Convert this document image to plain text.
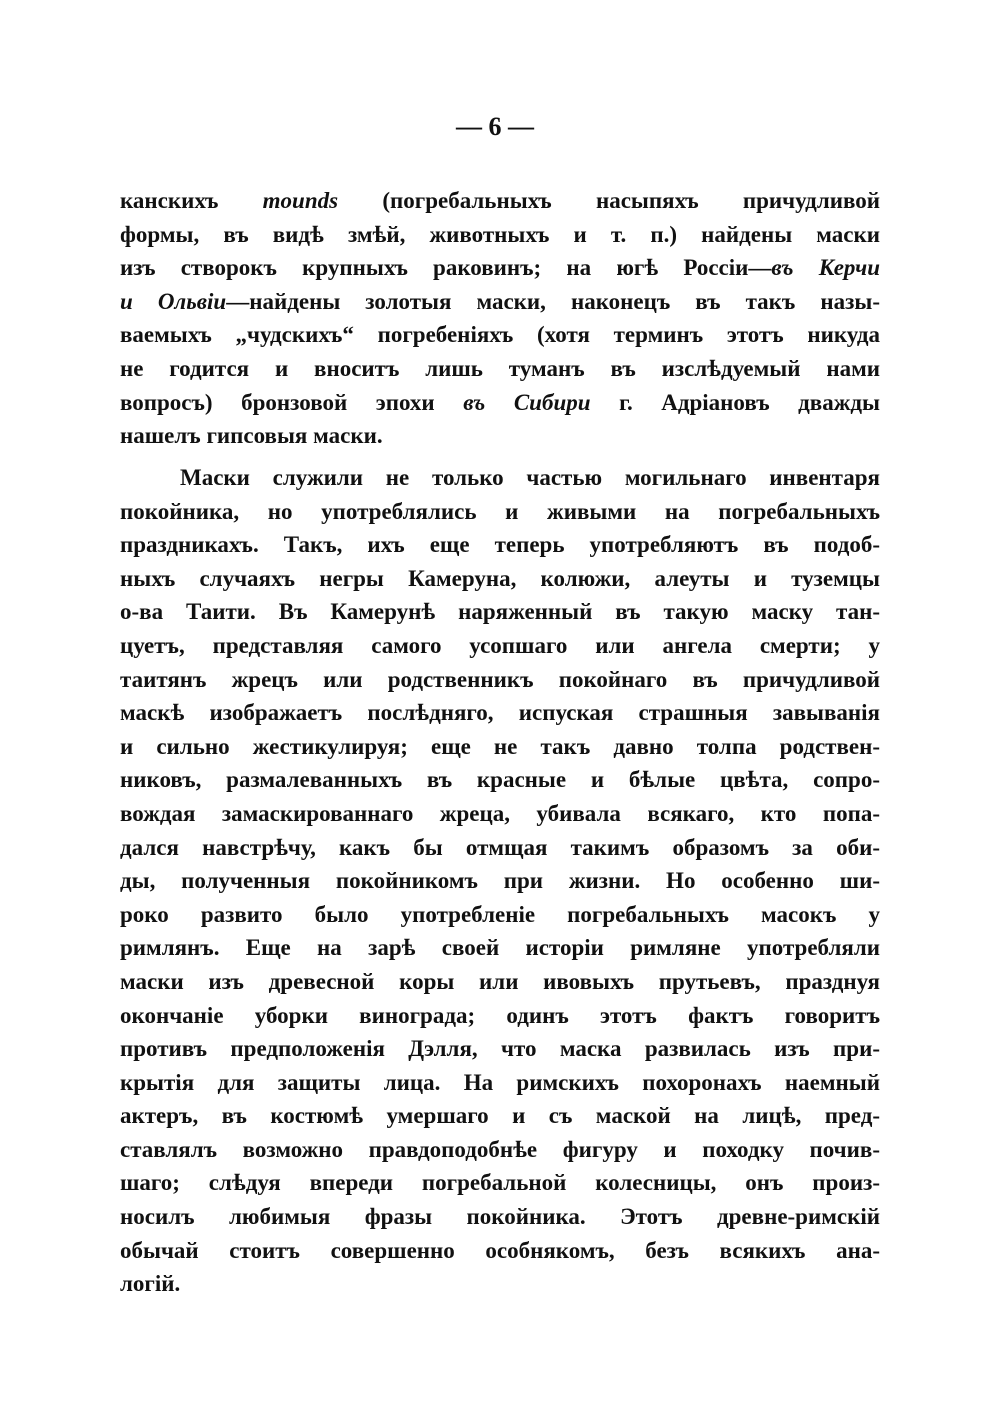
— 6 —
канскихъ mounds (погребальныхъ насыпяхъ причудливой
формы, въ видѣ змѣй, животныхъ и т. п.) найдены маски
изъ створокъ крупныхъ раковинъ; на югѣ Россіи—въ Керчи
и Ольвіи—найдены золотыя маски, наконецъ въ такъ назы-
ваемыхъ „чудскихъ“ погребеніяхъ (хотя терминъ этотъ никуда
не годится и вноситъ лишь туманъ въ изслѣдуемый нами
вопросъ) бронзовой эпохи въ Сибири г. Адріановъ дважды
нашелъ гипсовыя маски.
Маски служили не только частью могильнаго инвентаря
покойника, но употреблялись и живыми на погребальныхъ
праздникахъ. Такъ, ихъ еще теперь употребляютъ въ подоб-
ныхъ случаяхъ негры Камеруна, колюжи, алеуты и туземцы
о-ва Таити. Въ Камерунѣ наряженный въ такую маску тан-
цуетъ, представляя самого усопшаго или ангела смерти; у
таитянъ жрецъ или родственникъ покойнаго въ причудливой
маскѣ изображаетъ послѣдняго, испуская страшныя завыванія
и сильно жестикулируя; еще не такъ давно толпа родствен-
никовъ, размалеванныхъ въ красные и бѣлые цвѣта, сопро-
вождая замаскированнаго жреца, убивала всякаго, кто попа-
дался навстрѣчу, какъ бы отмщая такимъ образомъ за оби-
ды, полученныя покойникомъ при жизни. Но особенно ши-
роко развито было употребленіе погребальныхъ масокъ у
римлянъ. Еще на зарѣ своей исторіи римляне употребляли
маски изъ древесной коры или ивовыхъ прутьевъ, празднуя
окончаніе уборки винограда; одинъ этотъ фактъ говоритъ
противъ предположенія Дэлля, что маска развилась изъ при-
крытія для защиты лица. На римскихъ похоронахъ наемный
актеръ, въ костюмѣ умершаго и съ маской на лицѣ, пред-
ставлялъ возможно правдоподобнѣе фигуру и походку почив-
шаго; слѣдуя впереди погребальной колесницы, онъ произ-
носилъ любимыя фразы покойника. Этотъ древне-римскій
обычай стоитъ совершенно особнякомъ, безъ всякихъ ана-
логій.
